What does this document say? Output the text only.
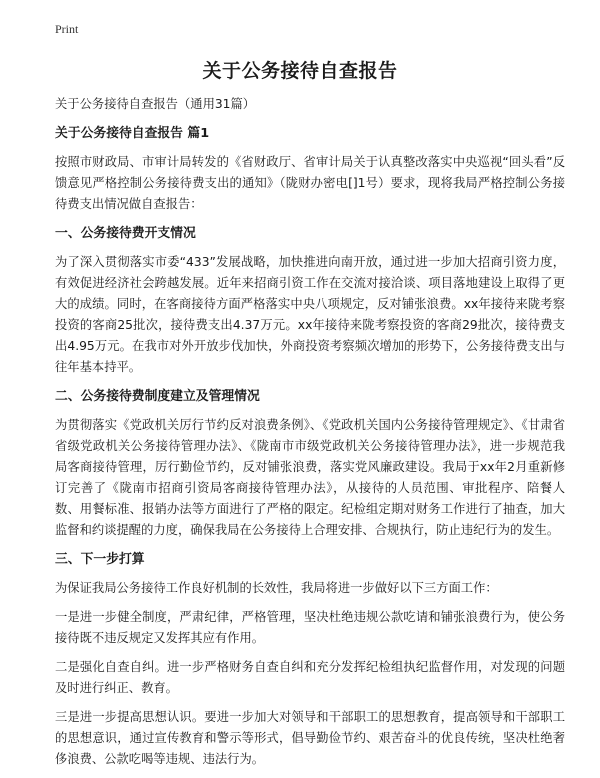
Print
关于公务接待自查报告

关于公务接待自查报告（通用31篇）

关于公务接待自查报告 篇1

按照市财政局、市审计局转发的《省财政厅、省审计局关于认真整改落实中央巡视“回头看”反馈意见严格控制公务接待费支出的通知》（陇财办密电[]1号）要求，现将我局严格控制公务接待费支出情况做自查报告：

一、公务接待费开支情况

为了深入贯彻落实市委“433”发展战略，加快推进向南开放，通过进一步加大招商引资力度，有效促进经济社会跨越发展。近年来招商引资工作在交流对接洽谈、项目落地建设上取得了更大的成绩。同时，在客商接待方面严格落实中央八项规定，反对铺张浪费。xx年接待来陇考察投资的客商25批次，接待费支出4.37万元。xx年接待来陇考察投资的客商29批次，接待费支出4.95万元。在我市对外开放步伐加快，外商投资考察频次增加的形势下，公务接待费支出与往年基本持平。

二、公务接待费制度建立及管理情况

为贯彻落实《党政机关厉行节约反对浪费条例》、《党政机关国内公务接待管理规定》、《甘肃省省级党政机关公务接待管理办法》、《陇南市市级党政机关公务接待管理办法》，进一步规范我局客商接待管理，厉行勤俭节约，反对铺张浪费，落实党风廉政建设。我局于xx年2月重新修订完善了《陇南市招商引资局客商接待管理办法》，从接待的人员范围、审批程序、陪餐人数、用餐标准、报销办法等方面进行了严格的限定。纪检组定期对财务工作进行了抽查，加大监督和约谈提醒的力度，确保我局在公务接待上合理安排、合规执行，防止违纪行为的发生。

三、下一步打算

为保证我局公务接待工作良好机制的长效性，我局将进一步做好以下三方面工作：

一是进一步健全制度，严肃纪律，严格管理，坚决杜绝违规公款吃请和铺张浪费行为，使公务接待既不违反规定又发挥其应有作用。

二是强化自查自纠。进一步严格财务自查自纠和充分发挥纪检组执纪监督作用，对发现的问题及时进行纠正、教育。

三是进一步提高思想认识。要进一步加大对领导和干部职工的思想教育，提高领导和干部职工的思想意识，通过宣传教育和警示等形式，倡导勤俭节约、艰苦奋斗的优良传统，坚决杜绝奢侈浪费、公款吃喝等违规、违法行为。
